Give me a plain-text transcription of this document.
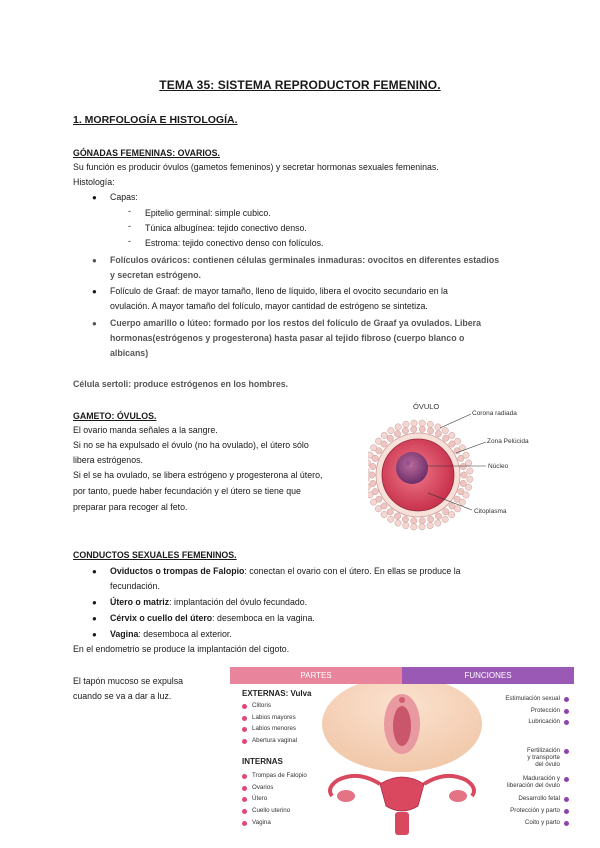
TEMA 35: SISTEMA REPRODUCTOR FEMENINO.
1. MORFOLOGÍA E HISTOLOGÍA.
GÓNADAS FEMENINAS: OVARIOS.
Su función es producir óvulos (gametos femeninos) y secretar hormonas sexuales femeninas.
Histología:
● Capas:
- Epitelio germinal: simple cubico.
- Túnica albugínea: tejido conectivo denso.
- Estroma: tejido conectivo denso con folículos.
● Folículos ováricos: contienen células germinales inmaduras: ovocitos en diferentes estadios
y secretan estrógeno.
● Folículo de Graaf: de mayor tamaño, lleno de líquido, libera el ovocito secundario en la
ovulación. A mayor tamaño del folículo, mayor cantidad de estrógeno se sintetiza.
● Cuerpo amarillo o lúteo: formado por los restos del folículo de Graaf ya ovulados. Libera
hormonas(estrógenos y progesterona) hasta pasar al tejido fibroso (cuerpo blanco o
albicans)
Célula sertoli: produce estrógenos en los hombres.
GAMETO: ÓVULOS.
El ovario manda señales a la sangre.
Si no se ha expulsado el óvulo (no ha ovulado), el útero sólo
libera estrógenos.
Si el se ha ovulado, se libera estrógeno y progesterona al útero,
por tanto, puede haber fecundación y el útero se tiene que
preparar para recoger al feto.
ÓVULO
Corona radiada
Zona Pelúcida
Núcleo
Citoplasma
CONDUCTOS SEXUALES FEMENINOS.
● Oviductos o trompas de Falopio: conectan el ovario con el útero. En ellas se produce la
fecundación.
● Útero o matriz: implantación del óvulo fecundado.
● Cérvix o cuello del útero: desemboca en la vagina.
● Vagina: desemboca al exterior.
En el endometrio se produce la implantación del cigoto.
El tapón mucoso se expulsa
cuando se va a dar a luz.
PARTES	FUNCIONES
EXTERNAS: Vulva
INTERNAS
Clitoris
Labios mayores
Labios menores
Abertura vaginal
Trompas de Falopio
Ovarios
Útero
Cuello uterino
Vagina
Estimulación sexual
Protección
Lubricación
Fertilización
y transporte
del óvulo
Maduración y
liberación del óvulo
Desarrollo fetal
Protección y parto
Coito y parto
